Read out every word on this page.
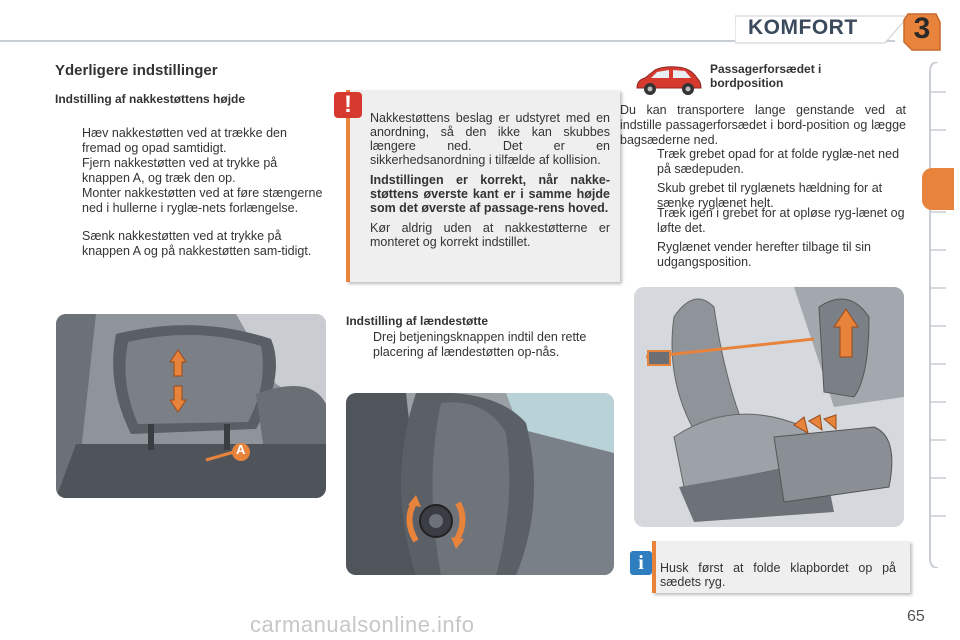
KOMFORT	3
Yderligere indstillinger
Indstilling af nakkestøttens højde
Hæv nakkestøtten ved at trække den fremad og opad samtidigt.
Fjern nakkestøtten ved at trykke på knappen A, og træk den op.
Monter nakkestøtten ved at føre stængerne ned i hullerne i ryglæ-nets forlængelse.
Sænk nakkestøtten ved at trykke på knappen A og på nakkestøtten sam-tidigt.
A
!	Nakkestøttens beslag er udstyret med en anordning, så den ikke kan skubbes længere ned. Det er en sikkerhedsanordning i tilfælde af kollision.
Indstillingen er korrekt, når nakke-støttens øverste kant er i samme højde som det øverste af passage-rens hoved.
Kør aldrig uden at nakkestøtterne er monteret og korrekt indstillet.
Indstilling af lændestøtte
Drej betjeningsknappen indtil den rette placering af lændestøtten op-nås.
Passagerforsædet i
bordposition
Du kan transportere lange genstande ved at indstille passagerforsædet i bord-position og lægge bagsæderne ned.
Træk grebet opad for at folde ryglæ-net ned på sædepuden.
Skub grebet til ryglænets hældning for at sænke ryglænet helt.
Træk igen i grebet for at opløse ryg-lænet og løfte det.
Ryglænet vender herefter tilbage til sin udgangsposition.
i	Husk først at folde klapbordet op på sædets ryg.
65
carmanualsonline.info
